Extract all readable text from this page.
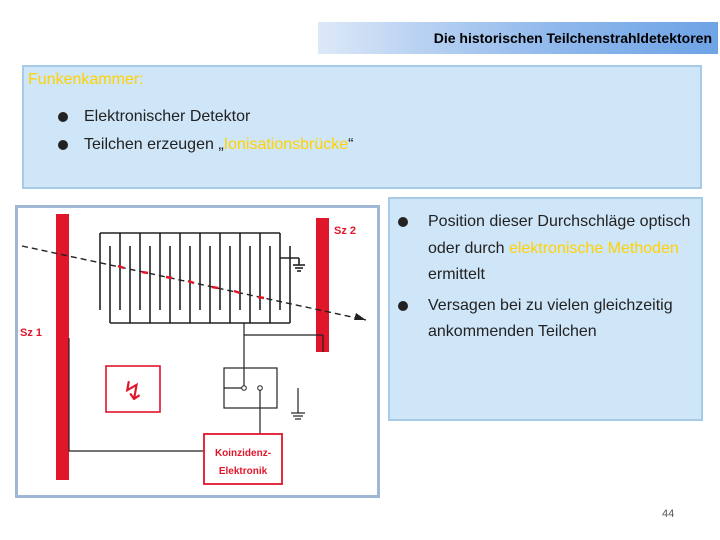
Die historischen Teilchenstrahldetektoren
Funkenkammer:
Elektronischer Detektor
Teilchen erzeugen „Ionisationsbrücke“
Sz 1
Sz 2
↯
Koinzidenz-
Elektronik
Position dieser Durchschläge optisch oder durch elektronische Methoden ermittelt
Versagen bei zu vielen gleichzeitig ankommenden Teilchen
44
